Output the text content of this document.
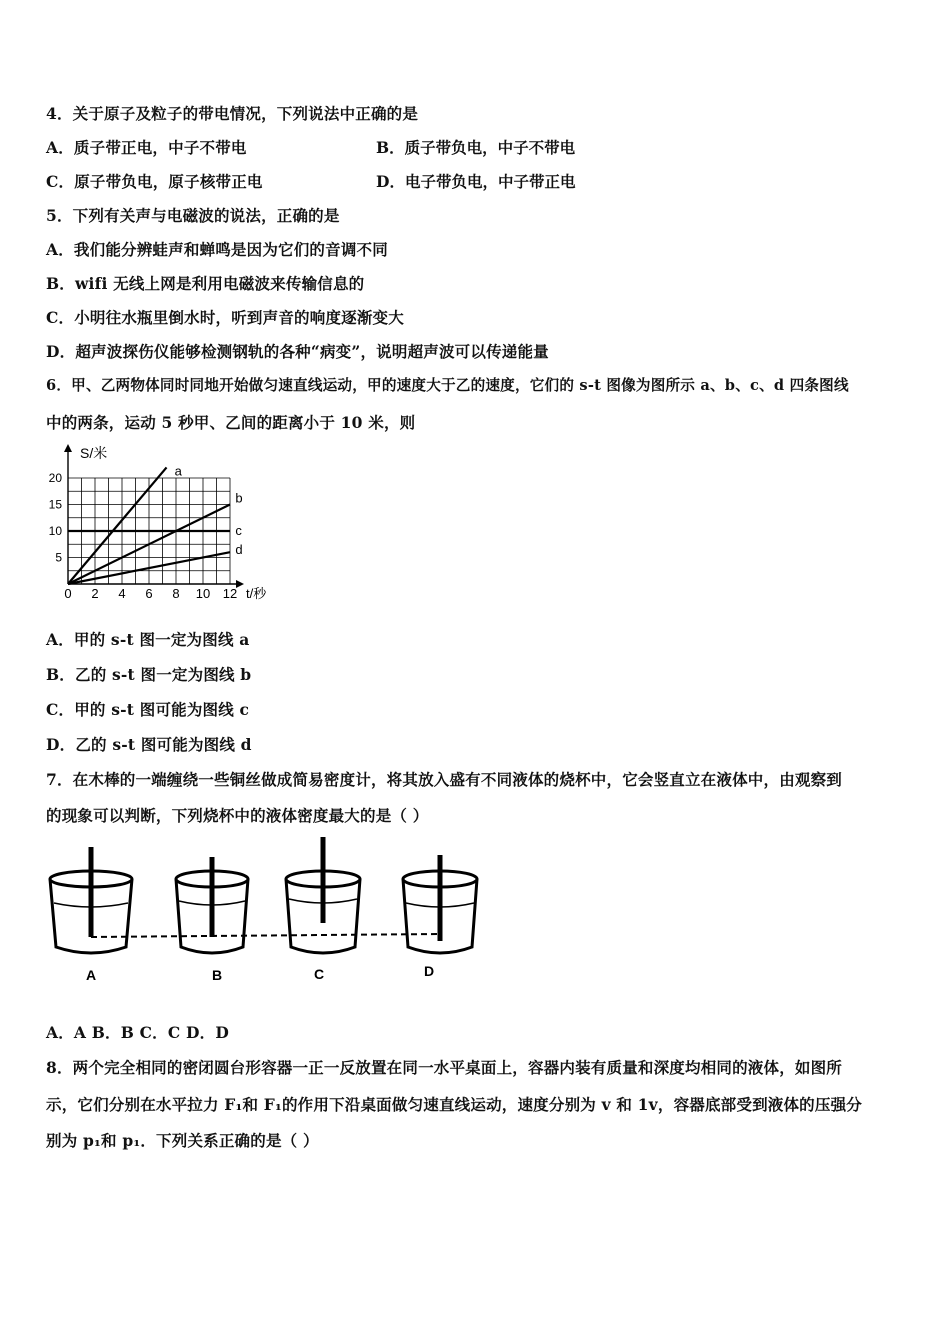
4．关于原子及粒子的带电情况，下列说法中正确的是
A．质子带正电，中子不带电	B．质子带负电，中子不带电
C．原子带负电，原子核带正电	D．电子带负电，中子带正电
5．下列有关声与电磁波的说法，正确的是
A．我们能分辨蛙声和蝉鸣是因为它们的音调不同
B．wifi 无线上网是利用电磁波来传输信息的
C．小明往水瓶里倒水时，听到声音的响度逐渐变大
D．超声波探伤仪能够检测钢轨的各种“病变”，说明超声波可以传递能量
6．甲、乙两物体同时同地开始做匀速直线运动，甲的速度大于乙的速度，它们的 s-t 图像为图所示 a、b、c、d 四条图线
中的两条，运动 5 秒甲、乙间的距离小于 10 米，则
a
b
c
d
0 2 4 6 8 10 12
5
10
15
20
t/秒
S/米
A．甲的 s-t 图一定为图线 a
B．乙的 s-t 图一定为图线 b
C．甲的 s-t 图可能为图线 c
D．乙的 s-t 图可能为图线 d
7．在木棒的一端缠绕一些铜丝做成简易密度计，将其放入盛有不同液体的烧杯中，它会竖直立在液体中，由观察到
的现象可以判断，下列烧杯中的液体密度最大的是（ ）
A	B	C	D
A．A B．B C．C D．D
8．两个完全相同的密闭圆台形容器一正一反放置在同一水平桌面上，容器内装有质量和深度均相同的液体，如图所
示，它们分别在水平拉力 F₁和 F₁的作用下沿桌面做匀速直线运动，速度分别为 v 和 1v，容器底部受到液体的压强分
别为 p₁和 p₁．下列关系正确的是（ ）
